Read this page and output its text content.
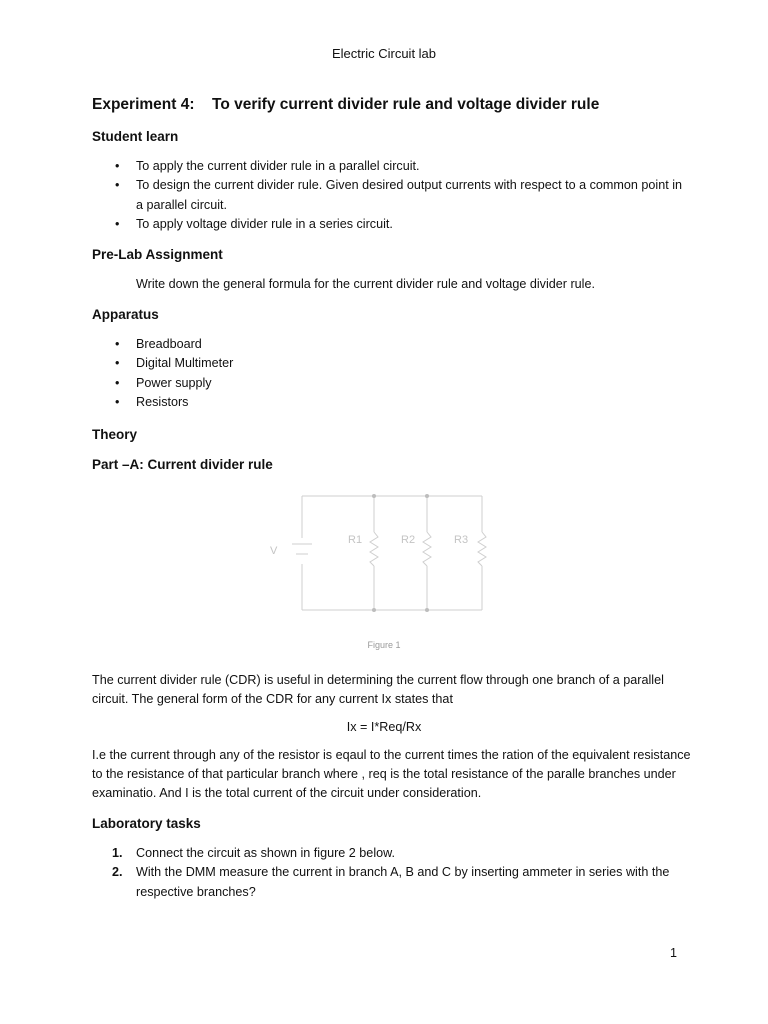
Electric Circuit lab
Experiment 4: To verify current divider rule and voltage divider rule
Student learn
• To apply the current divider rule in a parallel circuit.
• To design the current divider rule. Given desired output currents with respect to a common point in a parallel circuit.
• To apply voltage divider rule in a series circuit.
Pre-Lab Assignment
Write down the general formula for the current divider rule and voltage divider rule.
Apparatus
• Breadboard
• Digital Multimeter
• Power supply
• Resistors
Theory
Part –A: Current divider rule
V
R1	R2	R3
Figure 1
The current divider rule (CDR) is useful in determining the current flow through one branch of a parallel circuit. The general form of the CDR for any current Ix states that
Ix = I*Req/Rx
I.e the current through any of the resistor is eqaul to the current times the ration of the equivalent resistance to the resistance of that particular branch where , req is the total resistance of the paralle branches under examinatio. And I is the total current of the circuit under consideration.
Laboratory tasks
1. Connect the circuit as shown in figure 2 below.
2. With the DMM measure the current in branch A, B and C by inserting ammeter in series with the respective branches?
1
